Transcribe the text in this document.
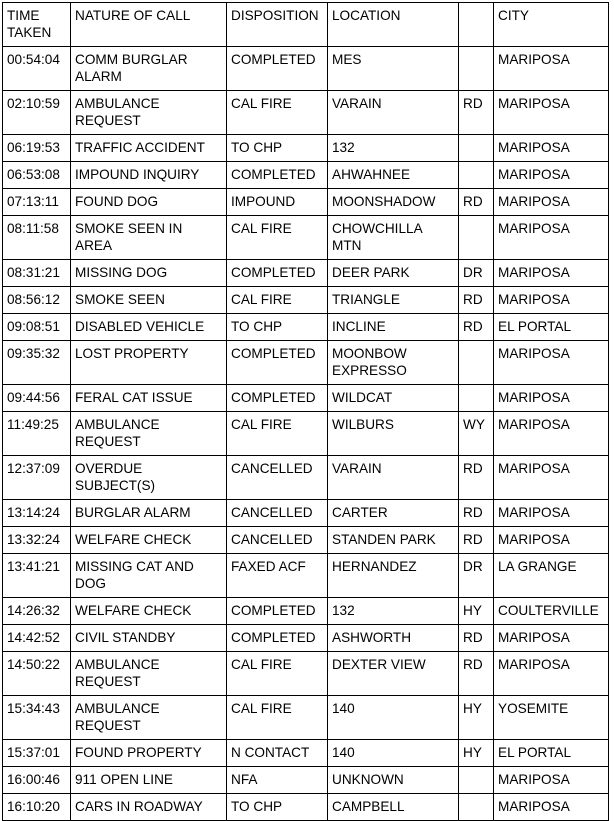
TIME TAKEN	NATURE OF CALL	DISPOSITION	LOCATION		CITY
00:54:04	COMM BURGLAR ALARM	COMPLETED	MES		MARIPOSA
02:10:59	AMBULANCE REQUEST	CAL FIRE	VARAIN	RD	MARIPOSA
06:19:53	TRAFFIC ACCIDENT	TO CHP	132		MARIPOSA
06:53:08	IMPOUND INQUIRY	COMPLETED	AHWAHNEE		MARIPOSA
07:13:11	FOUND DOG	IMPOUND	MOONSHADOW	RD	MARIPOSA
08:11:58	SMOKE SEEN IN AREA	CAL FIRE	CHOWCHILLA MTN		MARIPOSA
08:31:21	MISSING DOG	COMPLETED	DEER PARK	DR	MARIPOSA
08:56:12	SMOKE SEEN	CAL FIRE	TRIANGLE	RD	MARIPOSA
09:08:51	DISABLED VEHICLE	TO CHP	INCLINE	RD	EL PORTAL
09:35:32	LOST PROPERTY	COMPLETED	MOONBOW EXPRESSO		MARIPOSA
09:44:56	FERAL CAT ISSUE	COMPLETED	WILDCAT		MARIPOSA
11:49:25	AMBULANCE REQUEST	CAL FIRE	WILBURS	WY	MARIPOSA
12:37:09	OVERDUE SUBJECT(S)	CANCELLED	VARAIN	RD	MARIPOSA
13:14:24	BURGLAR ALARM	CANCELLED	CARTER	RD	MARIPOSA
13:32:24	WELFARE CHECK	CANCELLED	STANDEN PARK	RD	MARIPOSA
13:41:21	MISSING CAT AND DOG	FAXED ACF	HERNANDEZ	DR	LA GRANGE
14:26:32	WELFARE CHECK	COMPLETED	132	HY	COULTERVILLE
14:42:52	CIVIL STANDBY	COMPLETED	ASHWORTH	RD	MARIPOSA
14:50:22	AMBULANCE REQUEST	CAL FIRE	DEXTER VIEW	RD	MARIPOSA
15:34:43	AMBULANCE REQUEST	CAL FIRE	140	HY	YOSEMITE
15:37:01	FOUND PROPERTY	N CONTACT	140	HY	EL PORTAL
16:00:46	911 OPEN LINE	NFA	UNKNOWN		MARIPOSA
16:10:20	CARS IN ROADWAY	TO CHP	CAMPBELL		MARIPOSA
